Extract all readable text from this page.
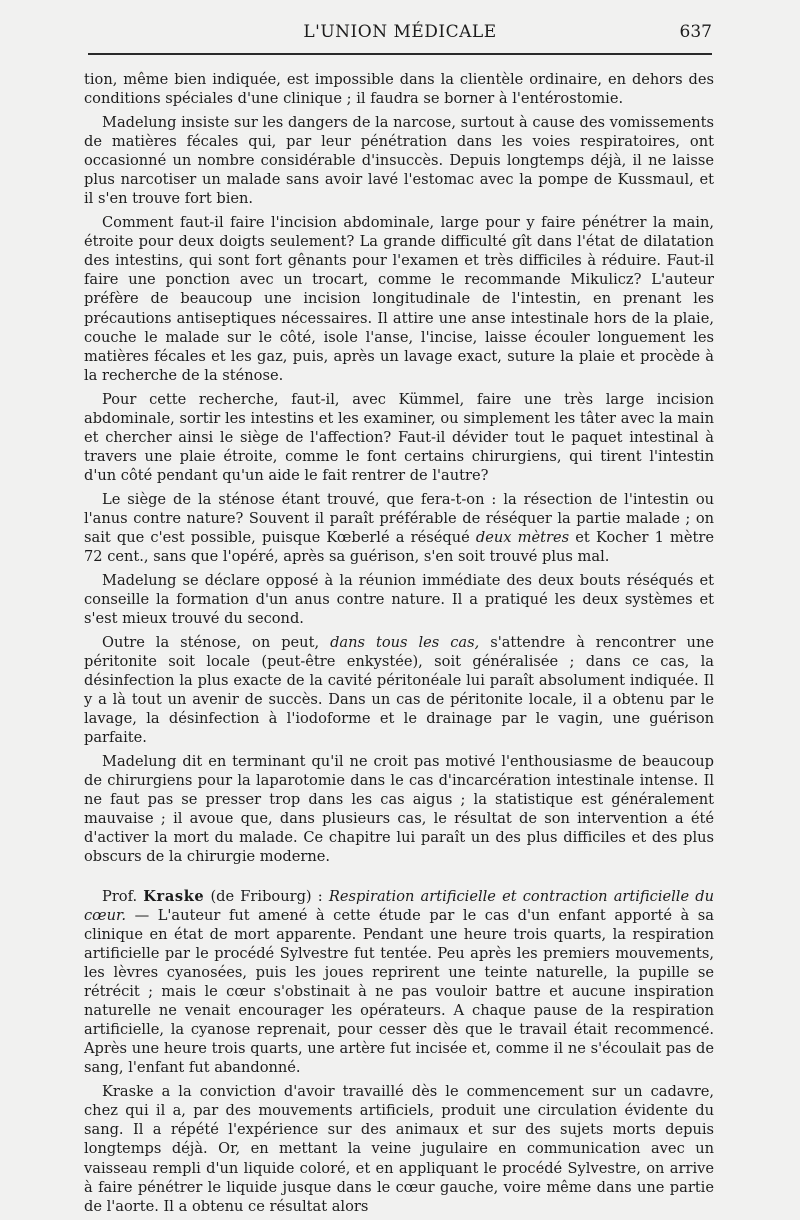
L'UNION MÉDICALE	637

tion, même bien indiquée, est impossible dans la clientèle ordinaire, en dehors des conditions spéciales d'une clinique ; il faudra se borner à l'entérostomie.

Madelung insiste sur les dangers de la narcose, surtout à cause des vomissements de matières fécales qui, par leur pénétration dans les voies respiratoires, ont occasionné un nombre considérable d'insuccès. Depuis longtemps déjà, il ne laisse plus narcotiser un malade sans avoir lavé l'estomac avec la pompe de Kussmaul, et il s'en trouve fort bien.

Comment faut-il faire l'incision abdominale, large pour y faire pénétrer la main, étroite pour deux doigts seulement? La grande difficulté gît dans l'état de dilatation des intestins, qui sont fort gênants pour l'examen et très difficiles à réduire. Faut-il faire une ponction avec un trocart, comme le recommande Mikulicz? L'auteur préfère de beaucoup une incision longitudinale de l'intestin, en prenant les précautions antiseptiques nécessaires. Il attire une anse intestinale hors de la plaie, couche le malade sur le côté, isole l'anse, l'incise, laisse écouler longuement les matières fécales et les gaz, puis, après un lavage exact, suture la plaie et procède à la recherche de la sténose.

Pour cette recherche, faut-il, avec Kümmel, faire une très large incision abdominale, sortir les intestins et les examiner, ou simplement les tâter avec la main et chercher ainsi le siège de l'affection? Faut-il dévider tout le paquet intestinal à travers une plaie étroite, comme le font certains chirurgiens, qui tirent l'intestin d'un côté pendant qu'un aide le fait rentrer de l'autre?

Le siège de la sténose étant trouvé, que fera-t-on : la résection de l'intestin ou l'anus contre nature? Souvent il paraît préférable de réséquer la partie malade ; on sait que c'est possible, puisque Kœberlé a réséqué deux mètres et Kocher 1 mètre 72 cent., sans que l'opéré, après sa guérison, s'en soit trouvé plus mal.

Madelung se déclare opposé à la réunion immédiate des deux bouts réséqués et conseille la formation d'un anus contre nature. Il a pratiqué les deux systèmes et s'est mieux trouvé du second.

Outre la sténose, on peut, dans tous les cas, s'attendre à rencontrer une péritonite soit locale (peut-être enkystée), soit généralisée ; dans ce cas, la désinfection la plus exacte de la cavité péritonéale lui paraît absolument indiquée. Il y a là tout un avenir de succès. Dans un cas de péritonite locale, il a obtenu par le lavage, la désinfection à l'iodoforme et le drainage par le vagin, une guérison parfaite.

Madelung dit en terminant qu'il ne croit pas motivé l'enthousiasme de beaucoup de chirurgiens pour la laparotomie dans le cas d'incarcération intestinale intense. Il ne faut pas se presser trop dans les cas aigus ; la statistique est généralement mauvaise ; il avoue que, dans plusieurs cas, le résultat de son intervention a été d'activer la mort du malade. Ce chapitre lui paraît un des plus difficiles et des plus obscurs de la chirurgie moderne.

Prof. Kraske (de Fribourg) : Respiration artificielle et contraction artificielle du cœur. — L'auteur fut amené à cette étude par le cas d'un enfant apporté à sa clinique en état de mort apparente. Pendant une heure trois quarts, la respiration artificielle par le procédé Sylvestre fut tentée. Peu après les premiers mouvements, les lèvres cyanosées, puis les joues reprirent une teinte naturelle, la pupille se rétrécit ; mais le cœur s'obstinait à ne pas vouloir battre et aucune inspiration naturelle ne venait encourager les opérateurs. A chaque pause de la respiration artificielle, la cyanose reprenait, pour cesser dès que le travail était recommencé. Après une heure trois quarts, une artère fut incisée et, comme il ne s'écoulait pas de sang, l'enfant fut abandonné.

Kraske a la conviction d'avoir travaillé dès le commencement sur un cadavre, chez qui il a, par des mouvements artificiels, produit une circulation évidente du sang. Il a répété l'expérience sur des animaux et sur des sujets morts depuis longtemps déjà. Or, en mettant la veine jugulaire en communication avec un vaisseau rempli d'un liquide coloré, et en appliquant le procédé Sylvestre, on arrive à faire pénétrer le liquide jusque dans le cœur gauche, voire même dans une partie de l'aorte. Il a obtenu ce résultat alors
